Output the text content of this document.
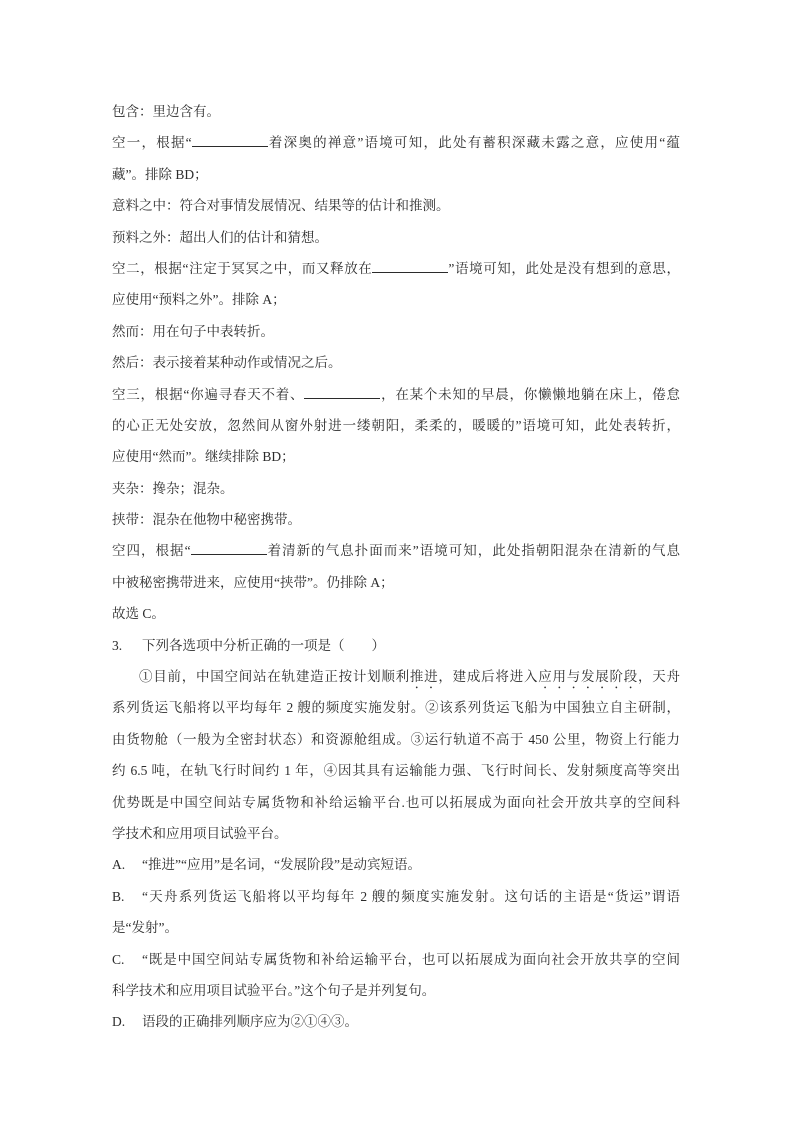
包含：里边含有。
空一，根据“	着深奥的禅意”语境可知，此处有蓄积深藏未露之意，应使用“蕴
藏”。排除 BD；
意料之中：符合对事情发展情况、结果等的估计和推测。
预料之外：超出人们的估计和猜想。
空二，根据“注定于冥冥之中，而又释放在	”语境可知，此处是没有想到的意思，
应使用“预料之外”。排除 A；
然而：用在句子中表转折。
然后：表示接着某种动作或情况之后。
空三，根据“你遍寻春天不着、	，在某个未知的早晨，你懒懒地躺在床上，倦怠
的心正无处安放，忽然间从窗外射进一缕朝阳，柔柔的，暖暖的”语境可知，此处表转折，
应使用“然而”。继续排除 BD；
夹杂：搀杂；混杂。
挟带：混杂在他物中秘密携带。
空四，根据“	着清新的气息扑面而来”语境可知，此处指朝阳混杂在清新的气息
中被秘密携带进来，应使用“挟带”。仍排除 A；
故选 C。
3. 下列各选项中分析正确的一项是（　　）
①目前，中国空间站在轨建造正按计划顺利推进，建成后将进入应用与发展阶段，天舟
系列货运飞船将以平均每年 2 艘的频度实施发射。②该系列货运飞船为中国独立自主研制，
由货物舱（一般为全密封状态）和资源舱组成。③运行轨道不高于 450 公里，物资上行能力
约 6.5 吨，在轨飞行时间约 1 年，④因其具有运输能力强、飞行时间长、发射频度高等突出
优势既是中国空间站专属货物和补给运输平台.也可以拓展成为面向社会开放共享的空间科
学技术和应用项目试验平台。
A. “推进”“应用”是名词，“发展阶段”是动宾短语。
B. “天舟系列货运飞船将以平均每年 2 艘的频度实施发射。这句话的主语是“货运”谓语
是“发射”。
C. “既是中国空间站专属货物和补给运输平台，也可以拓展成为面向社会开放共享的空间
科学技术和应用项目试验平台。”这个句子是并列复句。
D. 语段的正确排列顺序应为②①④③。
